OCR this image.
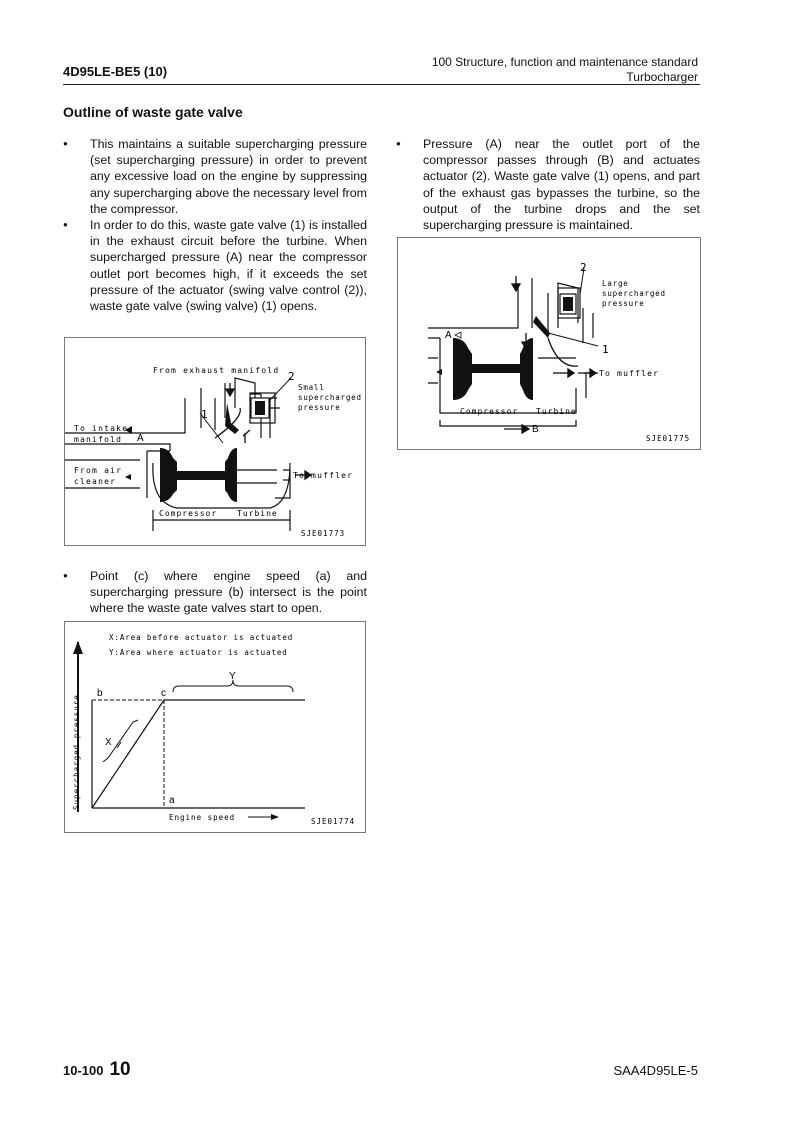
4D95LE-BE5 (10)
100 Structure, function and maintenance standard
Turbocharger
Outline of waste gate valve
● This maintains a suitable supercharging pressure (set supercharging pressure) in order to prevent any excessive load on the engine by suppressing any supercharging above the necessary level from the compressor.
● In order to do this, waste gate valve (1) is installed in the exhaust circuit before the turbine. When supercharged pressure (A) near the compressor outlet port becomes high, if it exceeds the set pressure of the actuator (swing valve control (2)), waste gate valve (swing valve) (1) opens.
● Pressure (A) near the outlet port of the compressor passes through (B) and actuates actuator (2). Waste gate valve (1) opens, and part of the exhaust gas bypasses the turbine, so the output of the turbine drops and the set supercharging pressure is maintained.
From exhaust manifold 2
Small
supercharged
pressure
1
To intake
manifold A
From air
cleaner
To muffler
Compressor Turbine
SJE01773
2
Large
supercharged
pressure
A
1
To muffler
Compressor Turbine
B
SJE01775
● Point (c) where engine speed (a) and supercharging pressure (b) intersect is the point where the waste gate valves start to open.
X:Area before actuator is actuated
Y:Area where actuator is actuated
Supercharged pressure
Engine speed
b	c
a
X
Y
SJE01774
10-100 10	SAA4D95LE-5
